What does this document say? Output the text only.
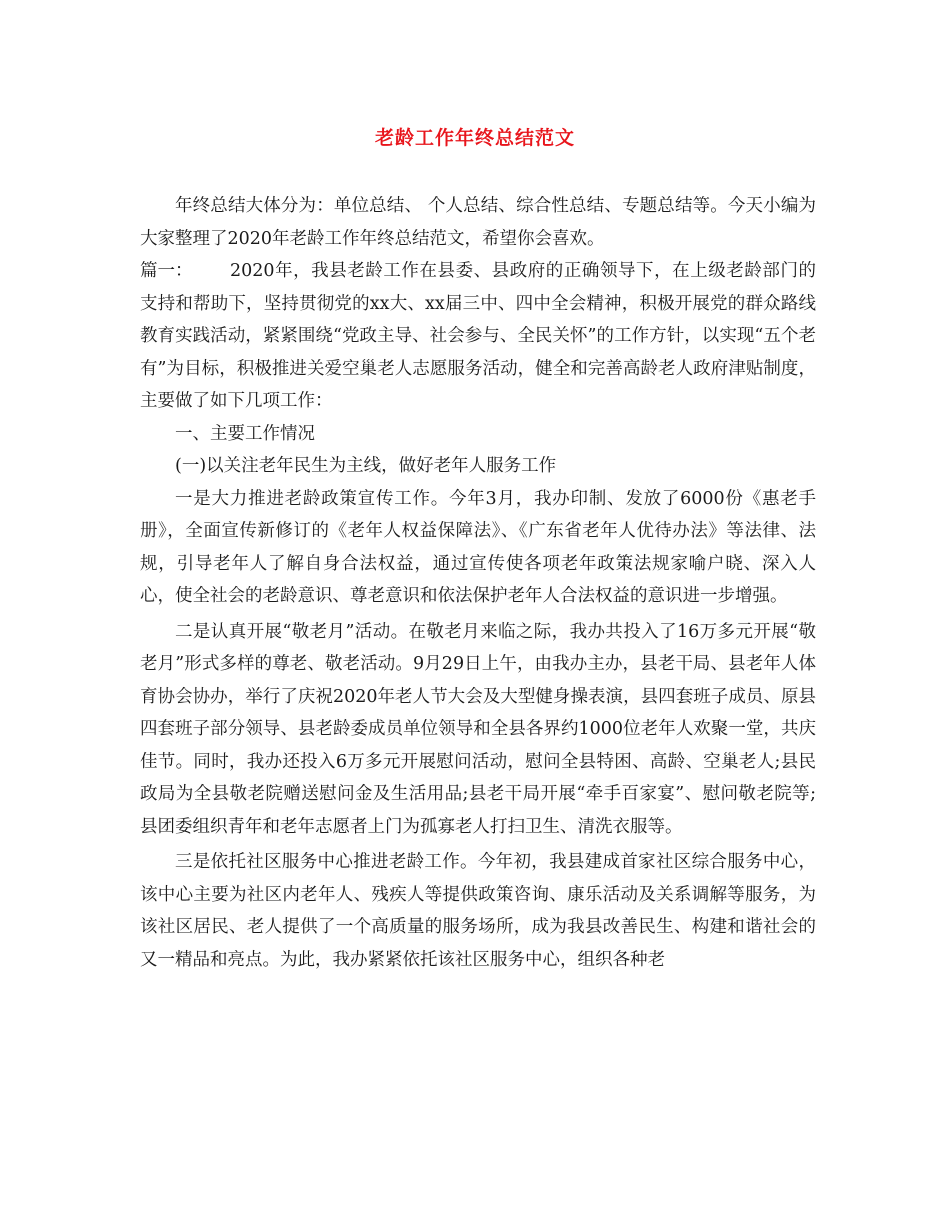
老龄工作年终总结范文

年终总结大体分为：单位总结、 个人总结、综合性总结、专题总结等。今天小编为大家整理了2020年老龄工作年终总结范文，希望你会喜欢。

篇一： 2020年，我县老龄工作在县委、县政府的正确领导下，在上级老龄部门的支持和帮助下，坚持贯彻党的xx大、xx届三中、四中全会精神，积极开展党的群众路线教育实践活动，紧紧围绕“党政主导、社会参与、全民关怀”的工作方针，以实现“五个老有”为目标，积极推进关爱空巢老人志愿服务活动，健全和完善高龄老人政府津贴制度，主要做了如下几项工作：

一、主要工作情况

(一)以关注老年民生为主线，做好老年人服务工作

一是大力推进老龄政策宣传工作。今年3月，我办印制、发放了6000份《惠老手册》，全面宣传新修订的《老年人权益保障法》、《广东省老年人优待办法》等法律、法规，引导老年人了解自身合法权益，通过宣传使各项老年政策法规家喻户晓、深入人心，使全社会的老龄意识、尊老意识和依法保护老年人合法权益的意识进一步增强。

二是认真开展“敬老月”活动。在敬老月来临之际，我办共投入了16万多元开展“敬老月”形式多样的尊老、敬老活动。9月29日上午，由我办主办，县老干局、县老年人体育协会协办，举行了庆祝2020年老人节大会及大型健身操表演，县四套班子成员、原县四套班子部分领导、县老龄委成员单位领导和全县各界约1000位老年人欢聚一堂，共庆佳节。同时，我办还投入6万多元开展慰问活动，慰问全县特困、高龄、空巢老人;县民政局为全县敬老院赠送慰问金及生活用品;县老干局开展“牵手百家宴”、慰问敬老院等;县团委组织青年和老年志愿者上门为孤寡老人打扫卫生、清洗衣服等。

三是依托社区服务中心推进老龄工作。今年初，我县建成首家社区综合服务中心，该中心主要为社区内老年人、残疾人等提供政策咨询、康乐活动及关系调解等服务，为该社区居民、老人提供了一个高质量的服务场所，成为我县改善民生、构建和谐社会的又一精品和亮点。为此，我办紧紧依托该社区服务中心，组织各种老
